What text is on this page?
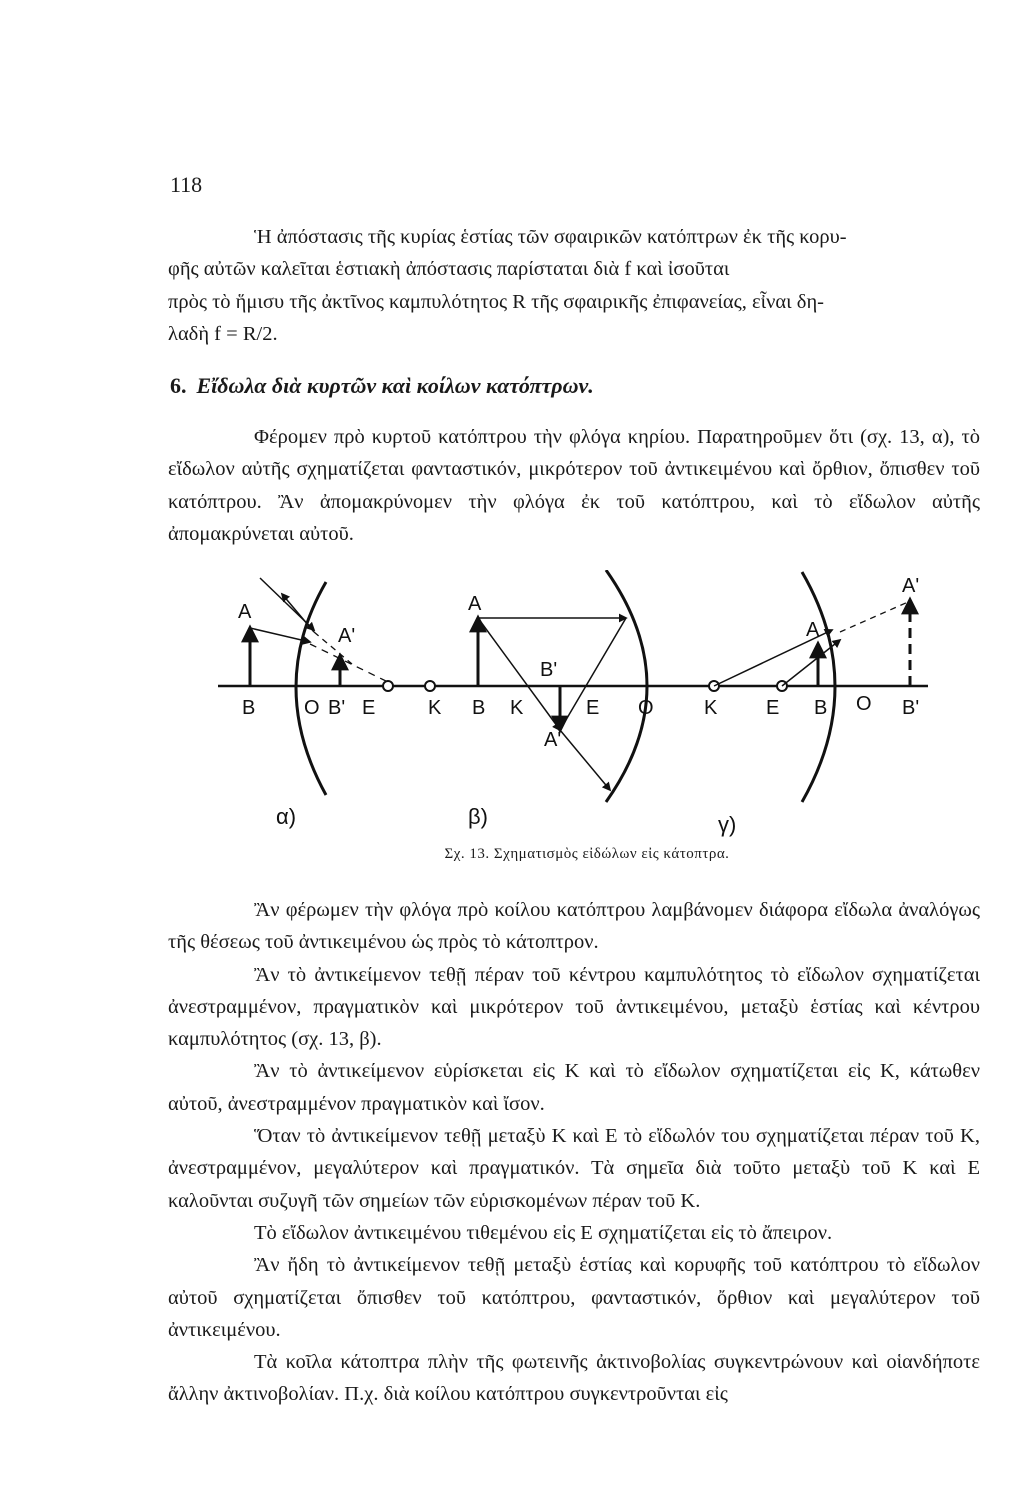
118
Ἡ ἀπόστασις τῆς κυρίας ἑστίας τῶν σφαιρικῶν κατόπτρων ἐκ τῆς κορυ-
φῆς αὐτῶν καλεῖται ἑστιακὴ ἀπόστασις παρίσταται διὰ f καὶ ἰσοῦται
πρὸς τὸ ἥμισυ τῆς ἀκτῖνος καμπυλότητος R τῆς σφαιρικῆς ἐπιφανείας, εἶναι δη-
λαδὴ f = R/2.
6. Εἴδωλα διὰ κυρτῶν καὶ κοίλων κατόπτρων.
Φέρομεν πρὸ κυρτοῦ κατόπτρου τὴν φλόγα κηρίου. Παρατηροῦμεν ὅτι (σχ. 13, α), τὸ εἴδωλον αὐτῆς σχηματίζεται φανταστικόν, μικρότερον τοῦ ἀντικειμένου καὶ ὄρθιον, ὄπισθεν τοῦ κατόπτρου. Ἂν ἀπομακρύνομεν τὴν φλόγα ἐκ τοῦ κατόπτρου, καὶ τὸ εἴδωλον αὐτῆς ἀπομακρύνεται αὐτοῦ.
A
A'
B O B' E	K
A
B'
A'
B K	E O
A'
A
K E B O B'
α)	β)	γ)
Σχ. 13. Σχηματισμὸς εἰδώλων εἰς κάτοπτρα.
Ἂν φέρωμεν τὴν φλόγα πρὸ κοίλου κατόπτρου λαμβάνομεν διάφορα εἴδωλα ἀναλόγως τῆς θέσεως τοῦ ἀντικειμένου ὡς πρὸς τὸ κάτοπτρον.
Ἂν τὸ ἀντικείμενον τεθῇ πέραν τοῦ κέντρου καμπυλότητος τὸ εἴδωλον σχηματίζεται ἀνεστραμμένον, πραγματικὸν καὶ μικρότερον τοῦ ἀντικειμένου, μεταξὺ ἑστίας καὶ κέντρου καμπυλότητος (σχ. 13, β).
Ἂν τὸ ἀντικείμενον εὑρίσκεται εἰς Κ καὶ τὸ εἴδωλον σχηματίζεται εἰς Κ, κάτωθεν αὐτοῦ, ἀνεστραμμένον πραγματικὸν καὶ ἴσον.
Ὅταν τὸ ἀντικείμενον τεθῇ μεταξὺ Κ καὶ Ε τὸ εἴδωλόν του σχηματίζεται πέραν τοῦ Κ, ἀνεστραμμένον, μεγαλύτερον καὶ πραγματικόν. Τὰ σημεῖα διὰ τοῦτο μεταξὺ τοῦ Κ καὶ Ε καλοῦνται συζυγῆ τῶν σημείων τῶν εὑρισκομένων πέραν τοῦ Κ.
Τὸ εἴδωλον ἀντικειμένου τιθεμένου εἰς Ε σχηματίζεται εἰς τὸ ἄπειρον.
Ἂν ἤδη τὸ ἀντικείμενον τεθῇ μεταξὺ ἑστίας καὶ κορυφῆς τοῦ κατόπτρου τὸ εἴδωλον αὐτοῦ σχηματίζεται ὄπισθεν τοῦ κατόπτρου, φανταστικόν, ὄρθιον καὶ μεγαλύτερον τοῦ ἀντικειμένου.
Τὰ κοῖλα κάτοπτρα πλὴν τῆς φωτεινῆς ἀκτινοβολίας συγκεντρώνουν καὶ οἱανδήποτε ἄλλην ἀκτινοβολίαν. Π.χ. διὰ κοίλου κατόπτρου συγκεντροῦνται εἰς
